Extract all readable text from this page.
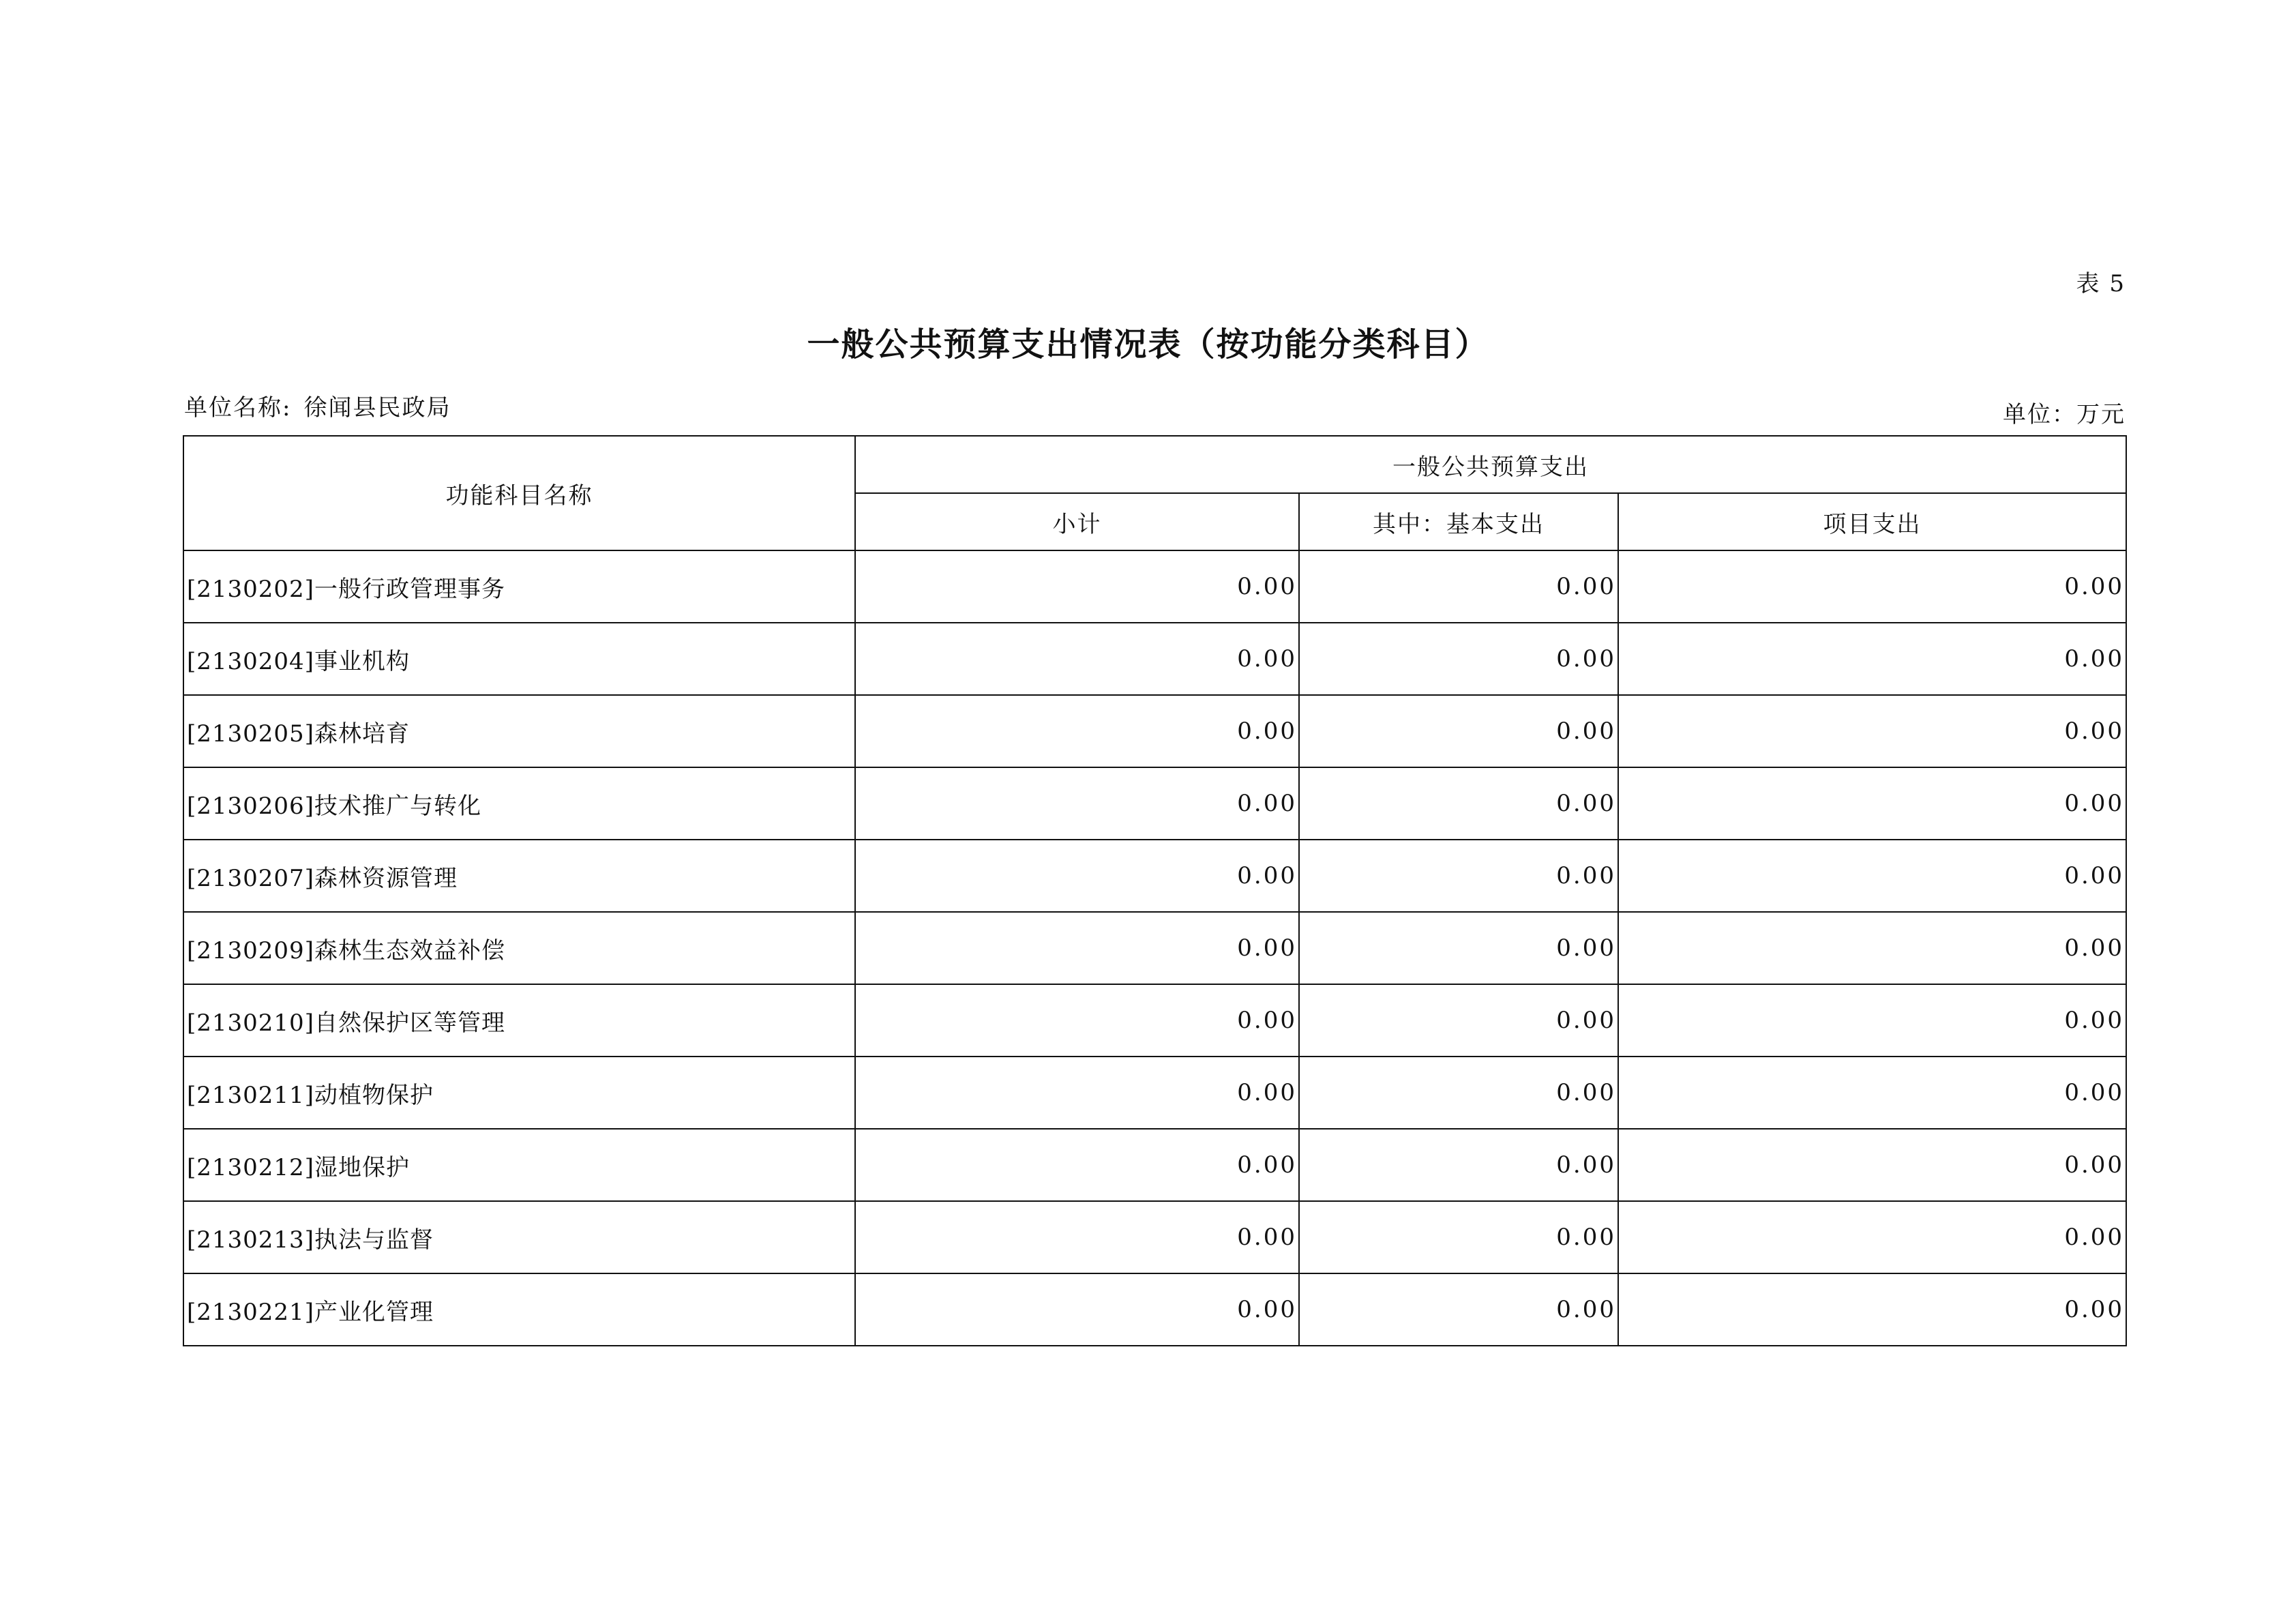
表 5
一般公共预算支出情况表（按功能分类科目）
单位名称: 徐闻县民政局	单位：万元
功能科目名称	一般公共预算支出		
	小计	其中：基本支出	项目支出
[2130202]一般行政管理事务	0.00	0.00	0.00
[2130204]事业机构	0.00	0.00	0.00
[2130205]森林培育	0.00	0.00	0.00
[2130206]技术推广与转化	0.00	0.00	0.00
[2130207]森林资源管理	0.00	0.00	0.00
[2130209]森林生态效益补偿	0.00	0.00	0.00
[2130210]自然保护区等管理	0.00	0.00	0.00
[2130211]动植物保护	0.00	0.00	0.00
[2130212]湿地保护	0.00	0.00	0.00
[2130213]执法与监督	0.00	0.00	0.00
[2130221]产业化管理	0.00	0.00	0.00
